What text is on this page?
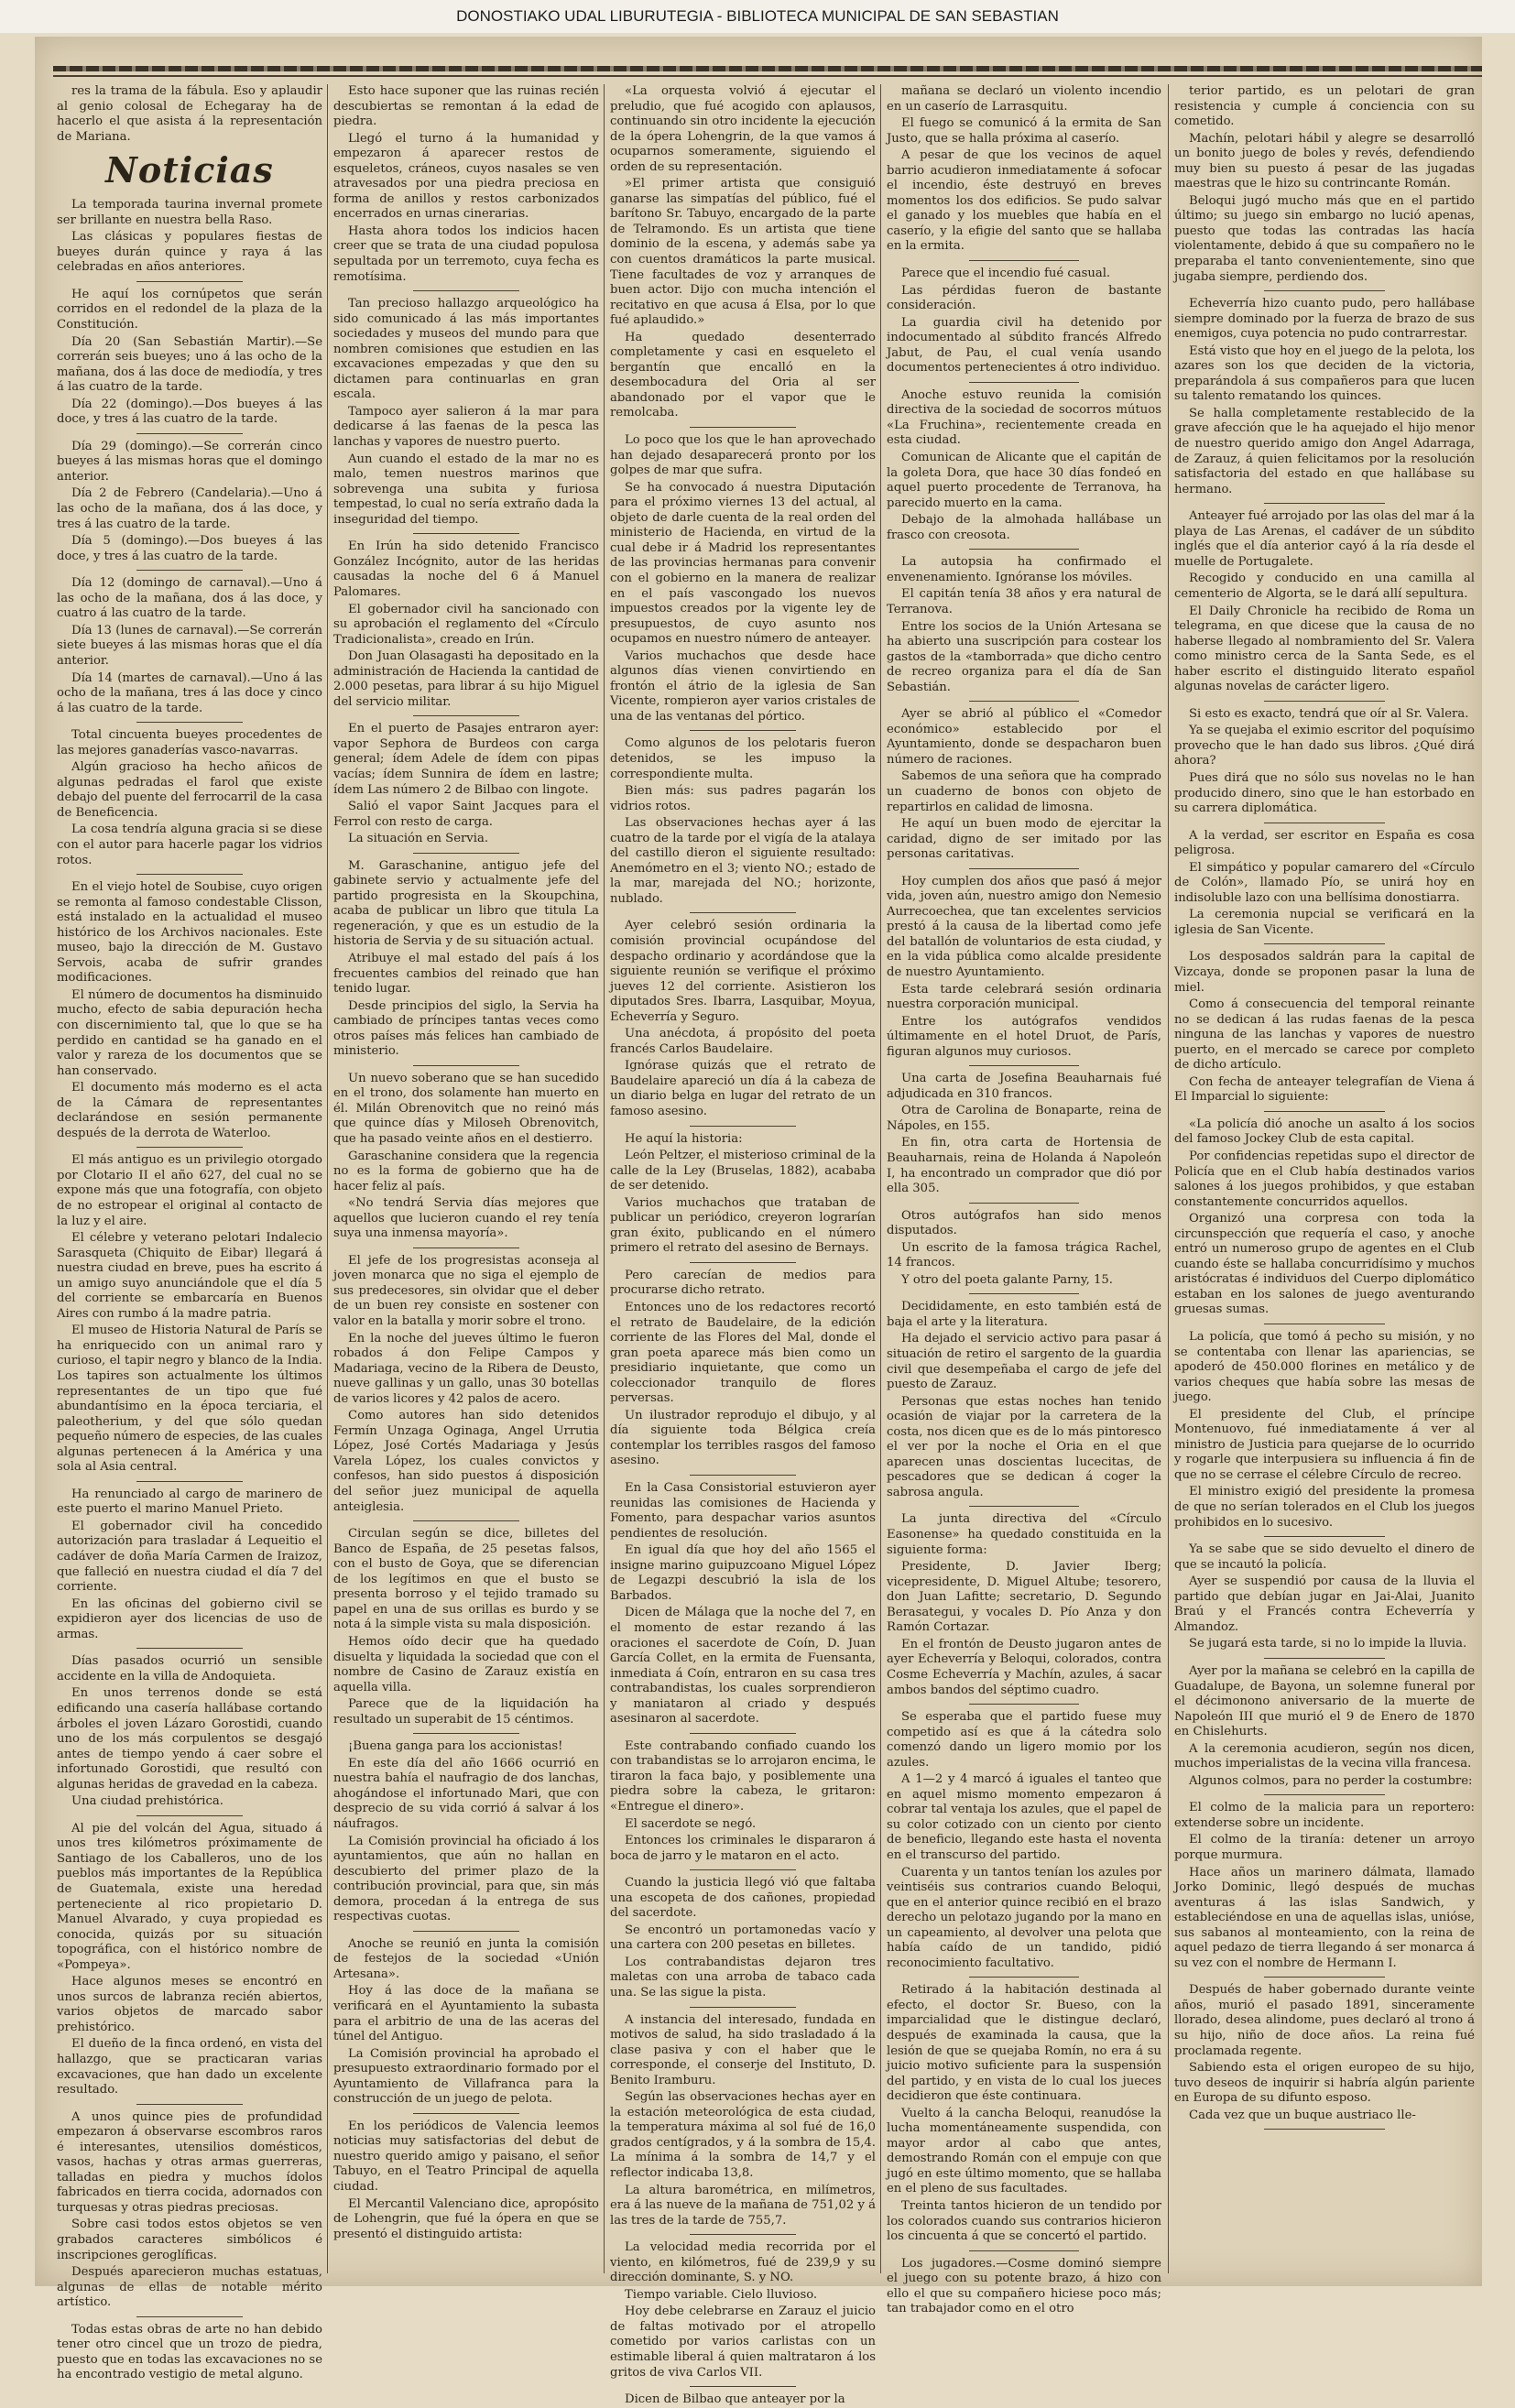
DONOSTIAKO UDAL LIBURUTEGIA - BIBLIOTECA MUNICIPAL DE SAN SEBASTIAN

res la trama de la fábula. Eso y aplaudir al genio colosal de Echegaray ha de hacerlo el que asista á la representación de Mariana.

Noticias

La temporada taurina invernal promete ser brillante en nuestra bella Raso.

Las clásicas y populares fiestas de bueyes durán quince y raya á las celebradas en años anteriores.

He aquí los cornúpetos que serán corridos en el redondel de la plaza de la Constitución.

Día 20 (San Sebastián Martir).—Se correrán seis bueyes; uno á las ocho de la mañana, dos á las doce de mediodía, y tres á las cuatro de la tarde.

Día 22 (domingo).—Dos bueyes á las doce, y tres á las cuatro de la tarde.

Día 29 (domingo).—Se correrán cinco bueyes á las mismas horas que el domingo anterior.

Día 2 de Febrero (Candelaria).—Uno á las ocho de la mañana, dos á las doce, y tres á las cuatro de la tarde.

Día 5 (domingo).—Dos bueyes á las doce, y tres á las cuatro de la tarde.

Día 12 (domingo de carnaval).—Uno á las ocho de la mañana, dos á las doce, y cuatro á las cuatro de la tarde.

Día 13 (lunes de carnaval).—Se correrán siete bueyes á las mismas horas que el día anterior.

Día 14 (martes de carnaval).—Uno á las ocho de la mañana, tres á las doce y cinco á las cuatro de la tarde.

Total cincuenta bueyes procedentes de las mejores ganaderías vasco-navarras.

Algún gracioso ha hecho añicos de algunas pedradas el farol que existe debajo del puente del ferrocarril de la casa de Beneficencia.

La cosa tendría alguna gracia si se diese con el autor para hacerle pagar los vidrios rotos.

En el viejo hotel de Soubise, cuyo origen se remonta al famoso condestable Clisson, está instalado en la actualidad el museo histórico de los Archivos nacionales. Este museo, bajo la dirección de M. Gustavo Servois, acaba de sufrir grandes modificaciones.

El número de documentos ha disminuido mucho, efecto de sabia depuración hecha con discernimiento tal, que lo que se ha perdido en cantidad se ha ganado en el valor y rareza de los documentos que se han conservado.

El documento más moderno es el acta de la Cámara de representantes declarándose en sesión permanente después de la derrota de Waterloo.

El más antiguo es un privilegio otorgado por Clotario II el año 627, del cual no se expone más que una fotografía, con objeto de no estropear el original al contacto de la luz y el aire.

El célebre y veterano pelotari Indalecio Sarasqueta (Chiquito de Eibar) llegará á nuestra ciudad en breve, pues ha escrito á un amigo suyo anunciándole que el día 5 del corriente se embarcaría en Buenos Aires con rumbo á la madre patria.

El museo de Historia Natural de París se ha enriquecido con un animal raro y curioso, el tapir negro y blanco de la India. Los tapires son actualmente los últimos representantes de un tipo que fué abundantísimo en la época terciaria, el paleotherium, y del que sólo quedan pequeño número de especies, de las cuales algunas pertenecen á la América y una sola al Asia central.

Ha renunciado al cargo de marinero de este puerto el marino Manuel Prieto.

El gobernador civil ha concedido autorización para trasladar á Lequeitio el cadáver de doña María Carmen de Iraizoz, que falleció en nuestra ciudad el día 7 del corriente.

En las oficinas del gobierno civil se expidieron ayer dos licencias de uso de armas.

Días pasados ocurrió un sensible accidente en la villa de Andoquieta.

En unos terrenos donde se está edificando una casería hallábase cortando árboles el joven Lázaro Gorostidi, cuando uno de los más corpulentos se desgajó antes de tiempo yendo á caer sobre el infortunado Gorostidi, que resultó con algunas heridas de gravedad en la cabeza.

Una ciudad prehistórica.

Al pie del volcán del Agua, situado á unos tres kilómetros próximamente de Santiago de los Caballeros, uno de los pueblos más importantes de la República de Guatemala, existe una heredad perteneciente al rico propietario D. Manuel Alvarado, y cuya propiedad es conocida, quizás por su situación topográfica, con el histórico nombre de «Pompeya».

Hace algunos meses se encontró en unos surcos de labranza recién abiertos, varios objetos de marcado sabor prehistórico.

El dueño de la finca ordenó, en vista del hallazgo, que se practicaran varias excavaciones, que han dado un excelente resultado.

A unos quince pies de profundidad empezaron á observarse escombros raros é interesantes, utensilios domésticos, vasos, hachas y otras armas guerreras, talladas en piedra y muchos ídolos fabricados en tierra cocida, adornados con turquesas y otras piedras preciosas.

Sobre casi todos estos objetos se ven grabados caracteres simbólicos é inscripciones geroglíficas.

Después aparecieron muchas estatuas, algunas de ellas de notable mérito artístico.

Todas estas obras de arte no han debido tener otro cincel que un trozo de piedra, puesto que en todas las excavaciones no se ha encontrado vestigio de metal alguno.

Esto hace suponer que las ruinas recién descubiertas se remontan á la edad de piedra.

Llegó el turno á la humanidad y empezaron á aparecer restos de esqueletos, cráneos, cuyos nasales se ven atravesados por una piedra preciosa en forma de anillos y restos carbonizados encerrados en urnas cinerarias.

Hasta ahora todos los indicios hacen creer que se trata de una ciudad populosa sepultada por un terremoto, cuya fecha es remotísima.

Tan precioso hallazgo arqueológico ha sido comunicado á las más importantes sociedades y museos del mundo para que nombren comisiones que estudien en las excavaciones empezadas y que den su dictamen para continuarlas en gran escala.

Tampoco ayer salieron á la mar para dedicarse á las faenas de la pesca las lanchas y vapores de nuestro puerto.

Aun cuando el estado de la mar no es malo, temen nuestros marinos que sobrevenga una subita y furiosa tempestad, lo cual no sería extraño dada la inseguridad del tiempo.

En Irún ha sido detenido Francisco González Incógnito, autor de las heridas causadas la noche del 6 á Manuel Palomares.

El gobernador civil ha sancionado con su aprobación el reglamento del «Círculo Tradicionalista», creado en Irún.

Don Juan Olasagasti ha depositado en la administración de Hacienda la cantidad de 2.000 pesetas, para librar á su hijo Miguel del servicio militar.

En el puerto de Pasajes entraron ayer: vapor Sephora de Burdeos con carga general; ídem Adele de ídem con pipas vacías; ídem Sunnira de ídem en lastre; ídem Las número 2 de Bilbao con lingote.

Salió el vapor Saint Jacques para el Ferrol con resto de carga.

La situación en Servia.

M. Garaschanine, antiguo jefe del gabinete servio y actualmente jefe del partido progresista en la Skoupchina, acaba de publicar un libro que titula La regeneración, y que es un estudio de la historia de Servia y de su situación actual.

Atribuye el mal estado del país á los frecuentes cambios del reinado que han tenido lugar.

Desde principios del siglo, la Servia ha cambiado de príncipes tantas veces como otros países más felices han cambiado de ministerio.

Un nuevo soberano que se han sucedido en el trono, dos solamente han muerto en él. Milán Obrenovitch que no reinó más que quince días y Miloseh Obrenovitch, que ha pasado veinte años en el destierro.

Garaschanine considera que la regencia no es la forma de gobierno que ha de hacer feliz al país.

«No tendrá Servia días mejores que aquellos que lucieron cuando el rey tenía suya una inmensa mayoría».

El jefe de los progresistas aconseja al joven monarca que no siga el ejemplo de sus predecesores, sin olvidar que el deber de un buen rey consiste en sostener con valor en la batalla y morir sobre el trono.

En la noche del jueves último le fueron robados á don Felipe Campos y Madariaga, vecino de la Ribera de Deusto, nueve gallinas y un gallo, unas 30 botellas de varios licores y 42 palos de acero.

Como autores han sido detenidos Fermín Unzaga Oginaga, Angel Urrutia López, José Cortés Madariaga y Jesús Varela López, los cuales convictos y confesos, han sido puestos á disposición del señor juez municipal de aquella anteiglesia.

Circulan según se dice, billetes del Banco de España, de 25 pesetas falsos, con el busto de Goya, que se diferencian de los legítimos en que el busto se presenta borroso y el tejido tramado su papel en una de sus orillas es burdo y se nota á la simple vista su mala disposición.

Hemos oído decir que ha quedado disuelta y liquidada la sociedad que con el nombre de Casino de Zarauz existía en aquella villa.

Parece que de la liquidación ha resultado un superabit de 15 céntimos.

¡Buena ganga para los accionistas!

En este día del año 1666 ocurrió en nuestra bahía el naufragio de dos lanchas, ahogándose el infortunado Mari, que con desprecio de su vida corrió á salvar á los náufragos.

La Comisión provincial ha oficiado á los ayuntamientos, que aún no hallan en descubierto del primer plazo de la contribución provincial, para que, sin más demora, procedan á la entrega de sus respectivas cuotas.

Anoche se reunió en junta la comisión de festejos de la sociedad «Unión Artesana».

Hoy á las doce de la mañana se verificará en el Ayuntamiento la subasta para el arbitrio de una de las aceras del túnel del Antiguo.

La Comisión provincial ha aprobado el presupuesto extraordinario formado por el Ayuntamiento de Villafranca para la construcción de un juego de pelota.

En los periódicos de Valencia leemos noticias muy satisfactorias del debut de nuestro querido amigo y paisano, el señor Tabuyo, en el Teatro Principal de aquella ciudad.

El Mercantil Valenciano dice, apropósito de Lohengrin, que fué la ópera en que se presentó el distinguido artista:

«La orquesta volvió á ejecutar el preludio, que fué acogido con aplausos, continuando sin otro incidente la ejecución de la ópera Lohengrin, de la que vamos á ocuparnos someramente, siguiendo el orden de su representación.

»El primer artista que consiguió ganarse las simpatías del público, fué el barítono Sr. Tabuyo, encargado de la parte de Telramondo. Es un artista que tiene dominio de la escena, y además sabe ya con cuentos dramáticos la parte musical. Tiene facultades de voz y arranques de buen actor. Dijo con mucha intención el recitativo en que acusa á Elsa, por lo que fué aplaudido.»

Ha quedado desenterrado completamente y casi en esqueleto el bergantín que encalló en la desembocadura del Oria al ser abandonado por el vapor que le remolcaba.

Lo poco que los que le han aprovechado han dejado desaparecerá pronto por los golpes de mar que sufra.

Se ha convocado á nuestra Diputación para el próximo viernes 13 del actual, al objeto de darle cuenta de la real orden del ministerio de Hacienda, en virtud de la cual debe ir á Madrid los representantes de las provincias hermanas para convenir con el gobierno en la manera de realizar en el país vascongado los nuevos impuestos creados por la vigente ley de presupuestos, de cuyo asunto nos ocupamos en nuestro número de anteayer.

Varios muchachos que desde hace algunos días vienen convirtiendo en frontón el átrio de la iglesia de San Vicente, rompieron ayer varios cristales de una de las ventanas del pórtico.

Como algunos de los pelotaris fueron detenidos, se les impuso la correspondiente multa.

Bien más: sus padres pagarán los vidrios rotos.

Las observaciones hechas ayer á las cuatro de la tarde por el vigía de la atalaya del castillo dieron el siguiente resultado: Anemómetro en el 3; viento NO.; estado de la mar, marejada del NO.; horizonte, nublado.

Ayer celebró sesión ordinaria la comisión provincial ocupándose del despacho ordinario y acordándose que la siguiente reunión se verifique el próximo jueves 12 del corriente. Asistieron los diputados Sres. Ibarra, Lasquibar, Moyua, Echeverría y Seguro.

Una anécdota, á propósito del poeta francés Carlos Baudelaire.

Ignórase quizás que el retrato de Baudelaire apareció un día á la cabeza de un diario belga en lugar del retrato de un famoso asesino.

He aquí la historia:

León Peltzer, el misterioso criminal de la calle de la Ley (Bruselas, 1882), acababa de ser detenido.

Varios muchachos que trataban de publicar un periódico, creyeron lograrían gran éxito, publicando en el número primero el retrato del asesino de Bernays.

Pero carecían de medios para procurarse dicho retrato.

Entonces uno de los redactores recortó el retrato de Baudelaire, de la edición corriente de las Flores del Mal, donde el gran poeta aparece más bien como un presidiario inquietante, que como un coleccionador tranquilo de flores perversas.

Un ilustrador reprodujo el dibujo, y al día siguiente toda Bélgica creía contemplar los terribles rasgos del famoso asesino.

En la Casa Consistorial estuvieron ayer reunidas las comisiones de Hacienda y Fomento, para despachar varios asuntos pendientes de resolución.

En igual día que hoy del año 1565 el insigne marino guipuzcoano Miguel López de Legazpi descubrió la isla de los Barbados.

Dicen de Málaga que la noche del 7, en el momento de estar rezando á las oraciones el sacerdote de Coín, D. Juan García Collet, en la ermita de Fuensanta, inmediata á Coín, entraron en su casa tres contrabandistas, los cuales sorprendieron y maniataron al criado y después asesinaron al sacerdote.

Este contrabando confiado cuando los con trabandistas se lo arrojaron encima, le tiraron la faca bajo, y posiblemente una piedra sobre la cabeza, le gritaron: «Entregue el dinero».

El sacerdote se negó.

Entonces los criminales le dispararon á boca de jarro y le mataron en el acto.

Cuando la justicia llegó vió que faltaba una escopeta de dos cañones, propiedad del sacerdote.

Se encontró un portamonedas vacío y una cartera con 200 pesetas en billetes.

Los contrabandistas dejaron tres maletas con una arroba de tabaco cada una. Se las sigue la pista.

A instancia del interesado, fundada en motivos de salud, ha sido trasladado á la clase pasiva y con el haber que le corresponde, el conserje del Instituto, D. Benito Iramburu.

Según las observaciones hechas ayer en la estación meteorológica de esta ciudad, la temperatura máxima al sol fué de 16,0 grados centígrados, y á la sombra de 15,4. La mínima á la sombra de 14,7 y el reflector indicaba 13,8.

La altura barométrica, en milímetros, era á las nueve de la mañana de 751,02 y á las tres de la tarde de 755,7.

La velocidad media recorrida por el viento, en kilómetros, fué de 239,9 y su dirección dominante, S. y NO.

Tiempo variable. Cielo lluvioso.

Hoy debe celebrarse en Zarauz el juicio de faltas motivado por el atropello cometido por varios carlistas con un estimable liberal á quien maltrataron á los gritos de viva Carlos VII.

Dicen de Bilbao que anteayer por la

mañana se declaró un violento incendio en un caserío de Larrasquitu.

El fuego se comunicó á la ermita de San Justo, que se halla próxima al caserío.

A pesar de que los vecinos de aquel barrio acudieron inmediatamente á sofocar el incendio, éste destruyó en breves momentos los dos edificios. Se pudo salvar el ganado y los muebles que había en el caserío, y la efigie del santo que se hallaba en la ermita.

Parece que el incendio fué casual.

Las pérdidas fueron de bastante consideración.

La guardia civil ha detenido por indocumentado al súbdito francés Alfredo Jabut, de Pau, el cual venía usando documentos pertenecientes á otro individuo.

Anoche estuvo reunida la comisión directiva de la sociedad de socorros mútuos «La Fruchina», recientemente creada en esta ciudad.

Comunican de Alicante que el capitán de la goleta Dora, que hace 30 días fondeó en aquel puerto procedente de Terranova, ha parecido muerto en la cama.

Debajo de la almohada hallábase un frasco con creosota.

La autopsia ha confirmado el envenenamiento. Ignóranse los móviles.

El capitán tenía 38 años y era natural de Terranova.

Entre los socios de la Unión Artesana se ha abierto una suscripción para costear los gastos de la «tamborrada» que dicho centro de recreo organiza para el día de San Sebastián.

Ayer se abrió al público el «Comedor económico» establecido por el Ayuntamiento, donde se despacharon buen número de raciones.

Sabemos de una señora que ha comprado un cuaderno de bonos con objeto de repartirlos en calidad de limosna.

He aquí un buen modo de ejercitar la caridad, digno de ser imitado por las personas caritativas.

Hoy cumplen dos años que pasó á mejor vida, joven aún, nuestro amigo don Nemesio Aurrecoechea, que tan excelentes servicios prestó á la causa de la libertad como jefe del batallón de voluntarios de esta ciudad, y en la vida pública como alcalde presidente de nuestro Ayuntamiento.

Esta tarde celebrará sesión ordinaria nuestra corporación municipal.

Entre los autógrafos vendidos últimamente en el hotel Druot, de París, figuran algunos muy curiosos.

Una carta de Josefina Beauharnais fué adjudicada en 310 francos.

Otra de Carolina de Bonaparte, reina de Nápoles, en 155.

En fin, otra carta de Hortensia de Beauharnais, reina de Holanda á Napoleón I, ha encontrado un comprador que dió por ella 305.

Otros autógrafos han sido menos disputados.

Un escrito de la famosa trágica Rachel, 14 francos.

Y otro del poeta galante Parny, 15.

Decididamente, en esto también está de baja el arte y la literatura.

Ha dejado el servicio activo para pasar á situación de retiro el sargento de la guardia civil que desempeñaba el cargo de jefe del puesto de Zarauz.

Personas que estas noches han tenido ocasión de viajar por la carretera de la costa, nos dicen que es de lo más pintoresco el ver por la noche el Oria en el que aparecen unas doscientas lucecitas, de pescadores que se dedican á coger la sabrosa angula.

La junta directiva del «Círculo Easonense» ha quedado constituida en la siguiente forma:

Presidente, D. Javier Iberg; vicepresidente, D. Miguel Altube; tesorero, don Juan Lafitte; secretario, D. Segundo Berasategui, y vocales D. Pío Anza y don Ramón Cortazar.

En el frontón de Deusto jugaron antes de ayer Echeverría y Beloqui, colorados, contra Cosme Echeverría y Machín, azules, á sacar ambos bandos del séptimo cuadro.

Se esperaba que el partido fuese muy competido así es que á la cátedra solo comenzó dando un ligero momio por los azules.

A 1—2 y 4 marcó á iguales el tanteo que en aquel mismo momento empezaron á cobrar tal ventaja los azules, que el papel de su color cotizado con un ciento por ciento de beneficio, llegando este hasta el noventa en el transcurso del partido.

Cuarenta y un tantos tenían los azules por veintiséis sus contrarios cuando Beloqui, que en el anterior quince recibió en el brazo derecho un pelotazo jugando por la mano en un capeamiento, al devolver una pelota que había caído de un tandido, pidió reconocimiento facultativo.

Retirado á la habitación destinada al efecto, el doctor Sr. Bueso, con la imparcialidad que le distingue declaró, después de examinada la causa, que la lesión de que se quejaba Romín, no era á su juicio motivo suficiente para la suspensión del partido, y en vista de lo cual los jueces decidieron que éste continuara.

Vuelto á la cancha Beloqui, reanudóse la lucha momentáneamente suspendida, con mayor ardor al cabo que antes, demostrando Román con el empuje con que jugó en este último momento, que se hallaba en el pleno de sus facultades.

Treinta tantos hicieron de un tendido por los colorados cuando sus contrarios hicieron los cincuenta á que se concertó el partido.

Los jugadores.—Cosme dominó siempre el juego con su potente brazo, á hizo con ello el que su compañero hiciese poco más; tan trabajador como en el otro

terior partido, es un pelotari de gran resistencia y cumple á conciencia con su cometido.

Machín, pelotari hábil y alegre se desarrolló un bonito juego de boles y revés, defendiendo muy bien su puesto á pesar de las jugadas maestras que le hizo su contrincante Román.

Beloqui jugó mucho más que en el partido último; su juego sin embargo no lució apenas, puesto que todas las contradas las hacía violentamente, debido á que su compañero no le preparaba el tanto convenientemente, sino que jugaba siempre, perdiendo dos.

Echeverría hizo cuanto pudo, pero hallábase siempre dominado por la fuerza de brazo de sus enemigos, cuya potencia no pudo contrarrestar.

Está visto que hoy en el juego de la pelota, los azares son los que deciden de la victoria, preparándola á sus compañeros para que lucen su talento rematando los quinces.

Se halla completamente restablecido de la grave afección que le ha aquejado el hijo menor de nuestro querido amigo don Angel Adarraga, de Zarauz, á quien felicitamos por la resolución satisfactoria del estado en que hallábase su hermano.

Anteayer fué arrojado por las olas del mar á la playa de Las Arenas, el cadáver de un súbdito inglés que el día anterior cayó á la ría desde el muelle de Portugalete.

Recogido y conducido en una camilla al cementerio de Algorta, se le dará allí sepultura.

El Daily Chronicle ha recibido de Roma un telegrama, en que dicese que la causa de no haberse llegado al nombramiento del Sr. Valera como ministro cerca de la Santa Sede, es el haber escrito el distinguido literato español algunas novelas de carácter ligero.

Si esto es exacto, tendrá que oír al Sr. Valera.

Ya se quejaba el eximio escritor del poquísimo provecho que le han dado sus libros. ¿Qué dirá ahora?

Pues dirá que no sólo sus novelas no le han producido dinero, sino que le han estorbado en su carrera diplomática.

A la verdad, ser escritor en España es cosa peligrosa.

El simpático y popular camarero del «Círculo de Colón», llamado Pío, se unirá hoy en indisoluble lazo con una bellísima donostiarra.

La ceremonia nupcial se verificará en la iglesia de San Vicente.

Los desposados saldrán para la capital de Vizcaya, donde se proponen pasar la luna de miel.

Como á consecuencia del temporal reinante no se dedican á las rudas faenas de la pesca ninguna de las lanchas y vapores de nuestro puerto, en el mercado se carece por completo de dicho artículo.

Con fecha de anteayer telegrafían de Viena á El Imparcial lo siguiente:

«La policía dió anoche un asalto á los socios del famoso Jockey Club de esta capital.

Por confidencias repetidas supo el director de Policía que en el Club había destinados varios salones á los juegos prohibidos, y que estaban constantemente concurridos aquellos.

Organizó una corpresa con toda la circunspección que requería el caso, y anoche entró un numeroso grupo de agentes en el Club cuando éste se hallaba concurridísimo y muchos aristócratas é individuos del Cuerpo diplomático estaban en los salones de juego aventurando gruesas sumas.

La policía, que tomó á pecho su misión, y no se contentaba con llenar las apariencias, se apoderó de 450.000 florines en metálico y de varios cheques que había sobre las mesas de juego.

El presidente del Club, el príncipe Montenuovo, fué inmediatamente á ver al ministro de Justicia para quejarse de lo ocurrido y rogarle que interpusiera su influencia á fin de que no se cerrase el célebre Círculo de recreo.

El ministro exigió del presidente la promesa de que no serían tolerados en el Club los juegos prohibidos en lo sucesivo.

Ya se sabe que se sido devuelto el dinero de que se incautó la policía.

Ayer se suspendió por causa de la lluvia el partido que debían jugar en Jai-Alai, Juanito Braú y el Francés contra Echeverría y Almandoz.

Se jugará esta tarde, si no lo impide la lluvia.

Ayer por la mañana se celebró en la capilla de Guadalupe, de Bayona, un solemne funeral por el décimonono aniversario de la muerte de Napoleón III que murió el 9 de Enero de 1870 en Chislehurts.

A la ceremonia acudieron, según nos dicen, muchos imperialistas de la vecina villa francesa.

Algunos colmos, para no perder la costumbre:

El colmo de la malicia para un reportero: extenderse sobre un incidente.

El colmo de la tiranía: detener un arroyo porque murmura.

Hace años un marinero dálmata, llamado Jorko Dominic, llegó después de muchas aventuras á las islas Sandwich, y estableciéndose en una de aquellas islas, unióse, sus sabanos al monteamiento, con la reina de aquel pedazo de tierra llegando á ser monarca á su vez con el nombre de Hermann I.

Después de haber gobernado durante veinte años, murió el pasado 1891, sinceramente llorado, desea alindome, pues declaró al trono á su hijo, niño de doce años. La reina fué proclamada regente.

Sabiendo esta el origen europeo de su hijo, tuvo deseos de inquirir si habría algún pariente en Europa de su difunto esposo.

Cada vez que un buque austriaco lle-
